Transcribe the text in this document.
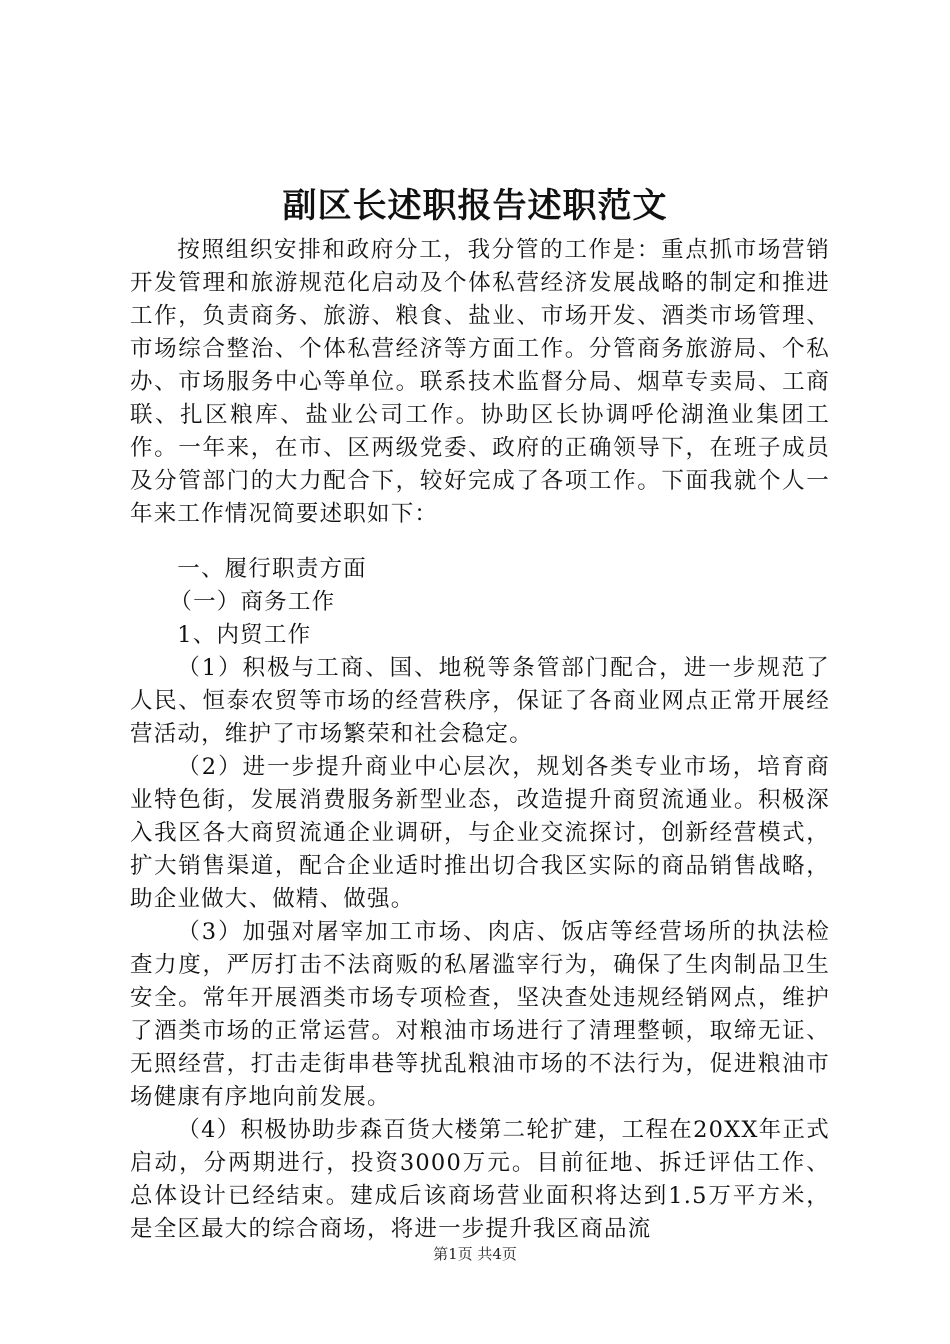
副区长述职报告述职范文

按照组织安排和政府分工，我分管的工作是：重点抓市场营销开发管理和旅游规范化启动及个体私营经济发展战略的制定和推进工作，负责商务、旅游、粮食、盐业、市场开发、酒类市场管理、市场综合整治、个体私营经济等方面工作。分管商务旅游局、个私办、市场服务中心等单位。联系技术监督分局、烟草专卖局、工商联、扎区粮库、盐业公司工作。协助区长协调呼伦湖渔业集团工作。一年来，在市、区两级党委、政府的正确领导下，在班子成员及分管部门的大力配合下，较好完成了各项工作。下面我就个人一年来工作情况简要述职如下：

一、履行职责方面

（一）商务工作

1、内贸工作

（1）积极与工商、国、地税等条管部门配合，进一步规范了人民、恒泰农贸等市场的经营秩序，保证了各商业网点正常开展经营活动，维护了市场繁荣和社会稳定。

（2）进一步提升商业中心层次，规划各类专业市场，培育商业特色街，发展消费服务新型业态，改造提升商贸流通业。积极深入我区各大商贸流通企业调研，与企业交流探讨，创新经营模式，扩大销售渠道，配合企业适时推出切合我区实际的商品销售战略，助企业做大、做精、做强。

（3）加强对屠宰加工市场、肉店、饭店等经营场所的执法检查力度，严厉打击不法商贩的私屠滥宰行为，确保了生肉制品卫生安全。常年开展酒类市场专项检查，坚决查处违规经销网点，维护了酒类市场的正常运营。对粮油市场进行了清理整顿，取缔无证、无照经营，打击走街串巷等扰乱粮油市场的不法行为，促进粮油市场健康有序地向前发展。

（4）积极协助步森百货大楼第二轮扩建，工程在20XX年正式启动，分两期进行，投资3000万元。目前征地、拆迁评估工作、总体设计已经结束。建成后该商场营业面积将达到1.5万平方米，是全区最大的综合商场，将进一步提升我区商品流

第1页 共4页
